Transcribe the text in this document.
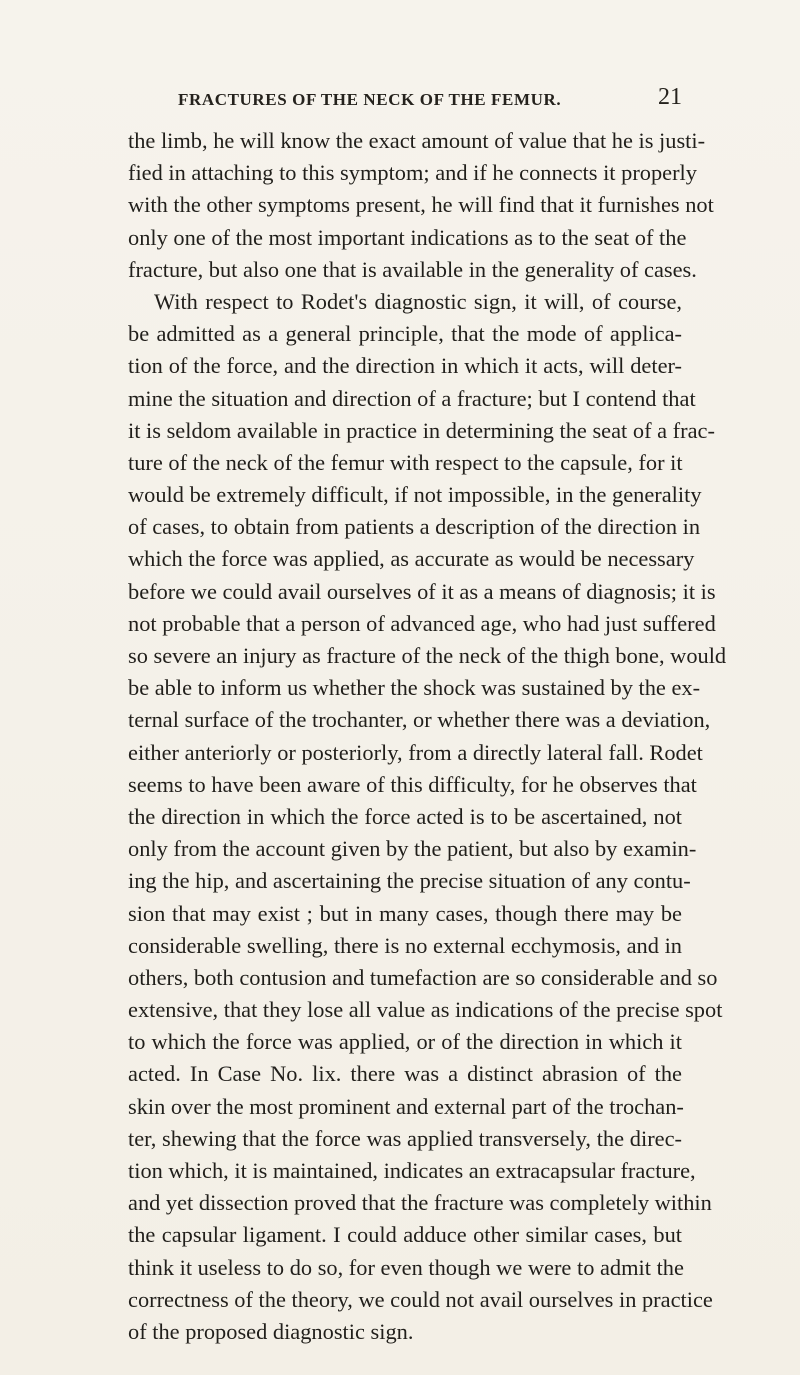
FRACTURES OF THE NECK OF THE FEMUR.	21
the limb, he will know the exact amount of value that he is justi-
fied in attaching to this symptom; and if he connects it properly
with the other symptoms present, he will find that it furnishes not
only one of the most important indications as to the seat of the
fracture, but also one that is available in the generality of cases.
With respect to Rodet's diagnostic sign, it will, of course,
be admitted as a general principle, that the mode of applica-
tion of the force, and the direction in which it acts, will deter-
mine the situation and direction of a fracture; but I contend that
it is seldom available in practice in determining the seat of a frac-
ture of the neck of the femur with respect to the capsule, for it
would be extremely difficult, if not impossible, in the generality
of cases, to obtain from patients a description of the direction in
which the force was applied, as accurate as would be necessary
before we could avail ourselves of it as a means of diagnosis; it is
not probable that a person of advanced age, who had just suffered
so severe an injury as fracture of the neck of the thigh bone, would
be able to inform us whether the shock was sustained by the ex-
ternal surface of the trochanter, or whether there was a deviation,
either anteriorly or posteriorly, from a directly lateral fall. Rodet
seems to have been aware of this difficulty, for he observes that
the direction in which the force acted is to be ascertained, not
only from the account given by the patient, but also by examin-
ing the hip, and ascertaining the precise situation of any contu-
sion that may exist ; but in many cases, though there may be
considerable swelling, there is no external ecchymosis, and in
others, both contusion and tumefaction are so considerable and so
extensive, that they lose all value as indications of the precise spot
to which the force was applied, or of the direction in which it
acted. In Case No. lix. there was a distinct abrasion of the
skin over the most prominent and external part of the trochan-
ter, shewing that the force was applied transversely, the direc-
tion which, it is maintained, indicates an extracapsular fracture,
and yet dissection proved that the fracture was completely within
the capsular ligament. I could adduce other similar cases, but
think it useless to do so, for even though we were to admit the
correctness of the theory, we could not avail ourselves in practice
of the proposed diagnostic sign.
